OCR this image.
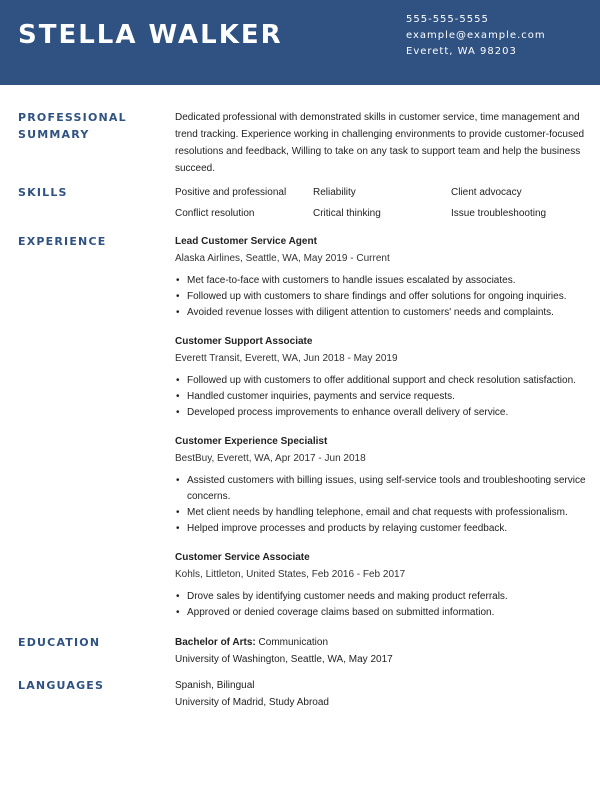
STELLA WALKER
555-555-5555
example@example.com
Everett, WA 98203
PROFESSIONAL
SUMMARY
Dedicated professional with demonstrated skills in customer service, time management and trend tracking. Experience working in challenging environments to provide customer-focused resolutions and feedback, Willing to take on any task to support team and help the business succeed.
SKILLS	Positive and professional	Reliability	Client advocacy
Conflict resolution	Critical thinking	Issue troubleshooting
EXPERIENCE	Lead Customer Service Agent
Alaska Airlines, Seattle, WA, May 2019 - Current
• Met face-to-face with customers to handle issues escalated by associates.
• Followed up with customers to share findings and offer solutions for ongoing inquiries.
• Avoided revenue losses with diligent attention to customers' needs and complaints.
Customer Support Associate
Everett Transit, Everett, WA, Jun 2018 - May 2019
• Followed up with customers to offer additional support and check resolution satisfaction.
• Handled customer inquiries, payments and service requests.
• Developed process improvements to enhance overall delivery of service.
Customer Experience Specialist
BestBuy, Everett, WA, Apr 2017 - Jun 2018
• Assisted customers with billing issues, using self-service tools and troubleshooting service concerns.
• Met client needs by handling telephone, email and chat requests with professionalism.
• Helped improve processes and products by relaying customer feedback.
Customer Service Associate
Kohls, Littleton, United States, Feb 2016 - Feb 2017
• Drove sales by identifying customer needs and making product referrals.
• Approved or denied coverage claims based on submitted information.
EDUCATION	Bachelor of Arts: Communication
University of Washington, Seattle, WA, May 2017
LANGUAGES	Spanish, Bilingual
University of Madrid, Study Abroad
